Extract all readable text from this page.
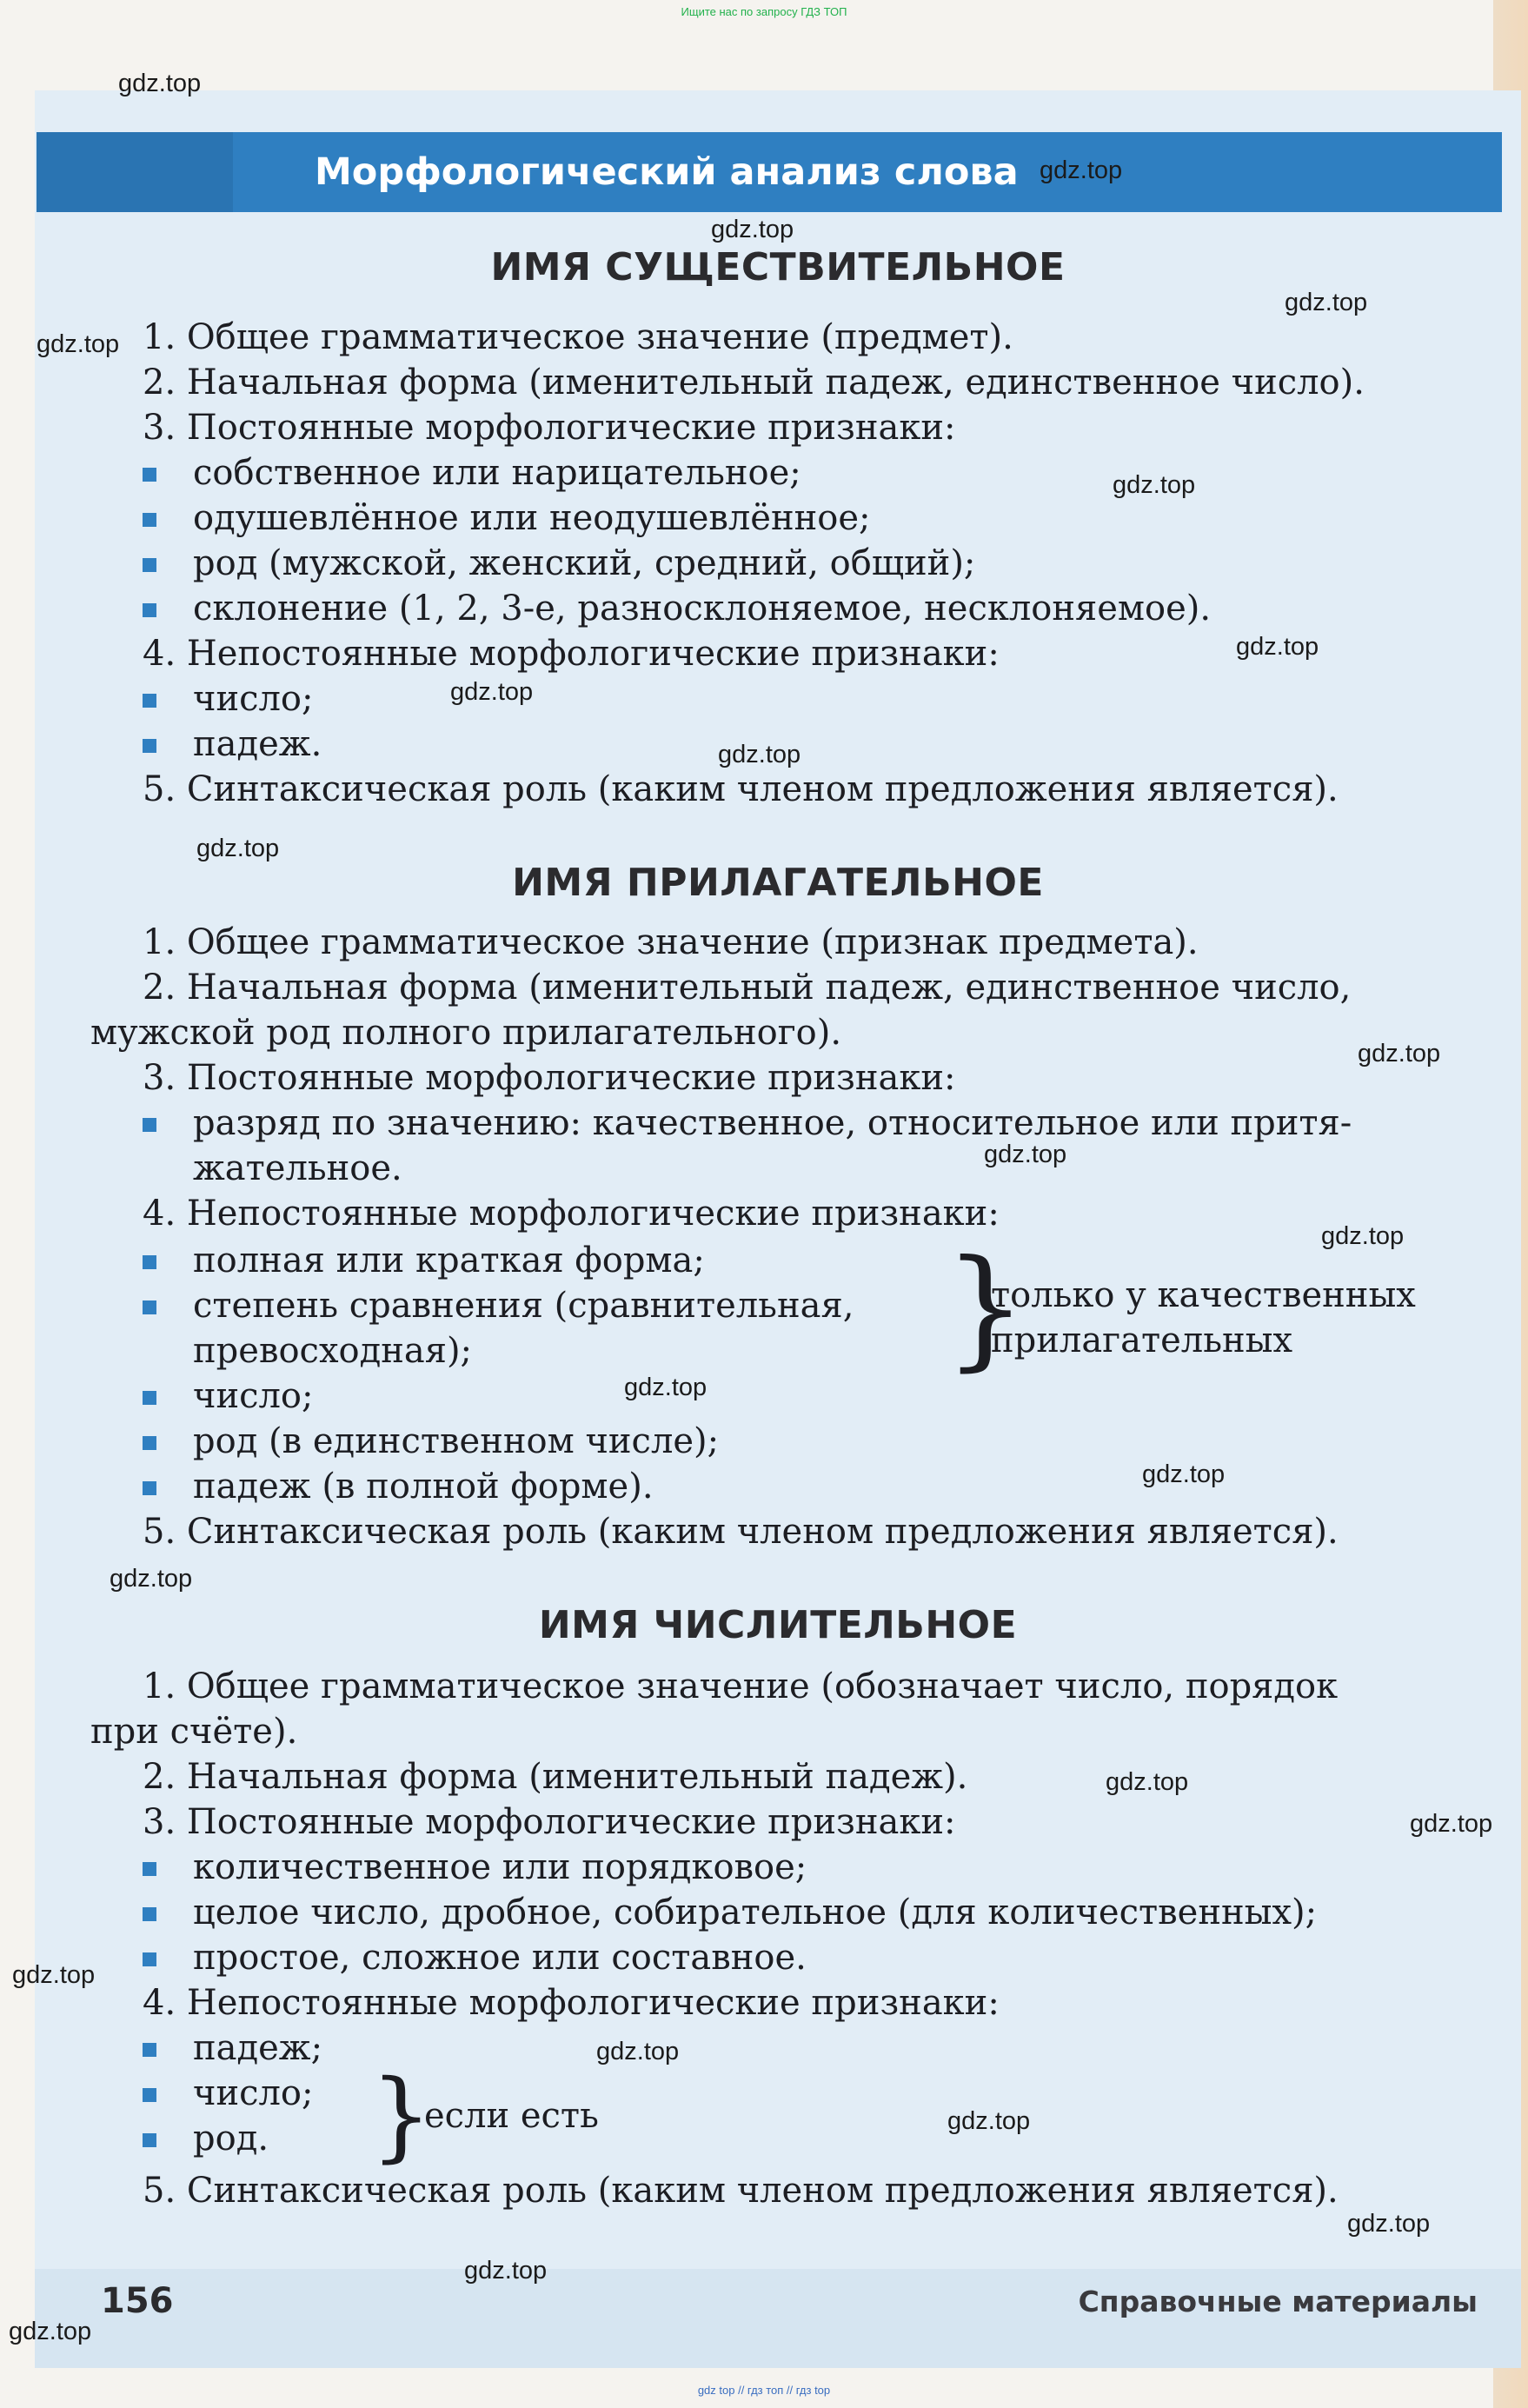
Ищите нас по запросу ГДЗ ТОП
Морфологический анализ слова
ИМЯ СУЩЕСТВИТЕЛЬНОЕ
1. Общее грамматическое значение (предмет).
2. Начальная форма (именительный падеж, единственное число).
3. Постоянные морфологические признаки:
собственное или нарицательное;
одушевлённое или неодушевлённое;
род (мужской, женский, средний, общий);
склонение (1, 2, 3-е, разносклоняемое, несклоняемое).
4. Непостоянные морфологические признаки:
число;
падеж.
5. Синтаксическая роль (каким членом предложения является).
ИМЯ ПРИЛАГАТЕЛЬНОЕ
1. Общее грамматическое значение (признак предмета).
2. Начальная форма (именительный падеж, единственное число,
мужской род полного прилагательного).
3. Постоянные морфологические признаки:
разряд по значению: качественное, относительное или притя-
жательное.
4. Непостоянные морфологические признаки:
полная или краткая форма;
степень сравнения (сравнительная,
превосходная);	}
только у качественных
прилагательных
число;
род (в единственном числе);
падеж (в полной форме).
5. Синтаксическая роль (каким членом предложения является).
ИМЯ ЧИСЛИТЕЛЬНОЕ
1. Общее грамматическое значение (обозначает число, порядок
при счёте).
2. Начальная форма (именительный падеж).
3. Постоянные морфологические признаки:
количественное или порядковое;
целое число, дробное, собирательное (для количественных);
простое, сложное или составное.
4. Непостоянные морфологические признаки:
падеж;
число;
род. }
если есть
5. Синтаксическая роль (каким членом предложения является).
156	Справочные материалы
gdz top // гдз топ // гдз top
gdz.top
gdz.top
gdz.top
gdz.top
gdz.top
gdz.top
gdz.top
gdz.top
gdz.top
gdz.top
gdz.top
gdz.top
gdz.top
gdz.top
gdz.top
gdz.top
gdz.top
gdz.top
gdz.top
gdz.top
gdz.top
gdz.top
gdz.top
gdz.top
